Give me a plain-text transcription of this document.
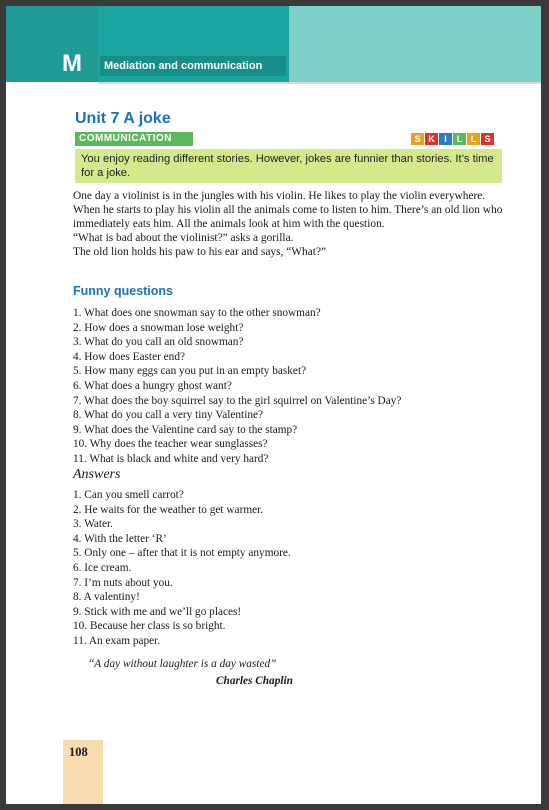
M	Mediation and communication
Unit 7 A joke
COMMUNICATION	S K	I	L L S
You enjoy reading different stories. However, jokes are funnier than stories. It’s time for a joke.

One day a violinist is in the jungles with his violin. He likes to play the violin everywhere. When he starts to play his violin all the animals come to listen to him. There’s an old lion who immediately eats him. All the animals look at him with the question.

“What is bad about the violinist?” asks a gorilla.

The old lion holds his paw to his ear and says, “What?”

Funny questions
1. What does one snowman say to the other snowman?
2. How does a snowman lose weight?
3. What do you call an old snowman?
4. How does Easter end?
5. How many eggs can you put in an empty basket?
6. What does a hungry ghost want?
7. What does the boy squirrel say to the girl squirrel on Valentine’s Day?
8. What do you call a very tiny Valentine?
9. What does the Valentine card say to the stamp?
10. Why does the teacher wear sunglasses?
11. What is black and white and very hard?
Answers
1. Can you smell carrot?
2. He waits for the weather to get warmer.
3. Water.
4. With the letter ‘R’
5. Only one – after that it is not empty anymore.
6. Ice cream.
7. I’m nuts about you.
8. A valentiny!
9. Stick with me and we’ll go places!
10. Because her class is so bright.
11. An exam paper.
“A day without laughter is a day wasted”
Charles Chaplin
108
